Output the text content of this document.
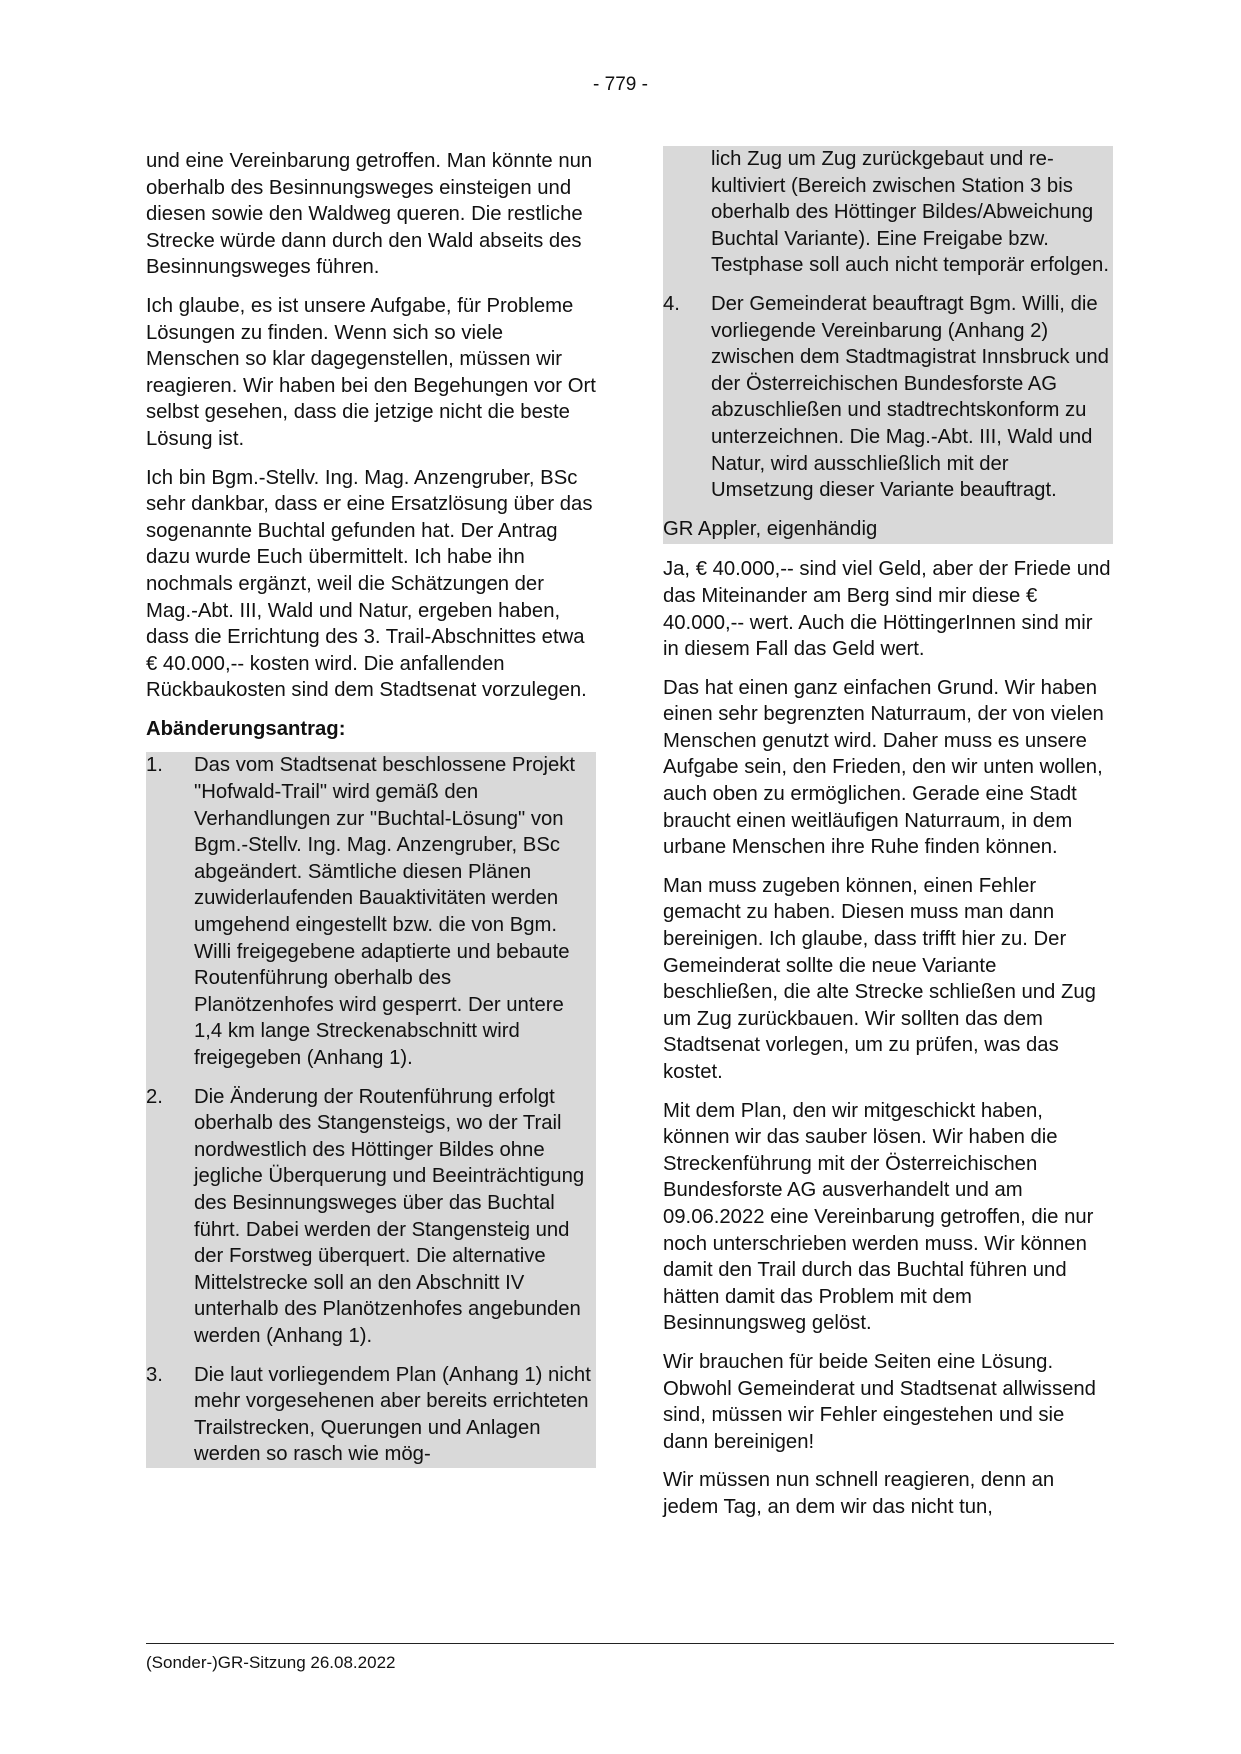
- 779 -

und eine Vereinbarung getroffen. Man könnte nun oberhalb des Besinnungsweges einsteigen und diesen sowie den Waldweg queren. Die restliche Strecke würde dann durch den Wald abseits des Besinnungsweges führen.

Ich glaube, es ist unsere Aufgabe, für Probleme Lösungen zu finden. Wenn sich so viele Menschen so klar dagegenstellen, müssen wir reagieren. Wir haben bei den Begehungen vor Ort selbst gesehen, dass die jetzige nicht die beste Lösung ist.

Ich bin Bgm.-Stellv. Ing. Mag. Anzengruber, BSc sehr dankbar, dass er eine Ersatzlösung über das sogenannte Buchtal gefunden hat. Der Antrag dazu wurde Euch übermittelt. Ich habe ihn nochmals ergänzt, weil die Schätzungen der Mag.-Abt. III, Wald und Natur, ergeben haben, dass die Errichtung des 3. Trail-Abschnittes etwa € 40.000,-- kosten wird. Die anfallenden Rückbaukosten sind dem Stadtsenat vorzulegen.

Abänderungsantrag:

1.	Das vom Stadtsenat beschlossene Projekt "Hofwald-Trail" wird gemäß den Verhandlungen zur "Buchtal-Lösung" von Bgm.-Stellv. Ing. Mag. Anzengruber, BSc abgeändert. Sämtliche diesen Plänen zuwiderlaufenden Bauaktivitäten werden umgehend eingestellt bzw. die von Bgm. Willi freigegebene adaptierte und bebaute Routenführung oberhalb des Planötzenhofes wird gesperrt. Der untere 1,4 km lange Streckenabschnitt wird freigegeben (Anhang 1).
2.	Die Änderung der Routenführung erfolgt oberhalb des Stangensteigs, wo der Trail nordwestlich des Höttinger Bildes ohne jegliche Überquerung und Beeinträchtigung des Besinnungsweges über das Buchtal führt. Dabei werden der Stangensteig und der Forstweg überquert. Die alternative Mittelstrecke soll an den Abschnitt IV unterhalb des Planötzenhofes angebunden werden (Anhang 1).
3.	Die laut vorliegendem Plan (Anhang 1) nicht mehr vorgesehenen aber bereits errichteten Trailstrecken, Querungen und Anlagen werden so rasch wie mög-
lich Zug um Zug zurückgebaut und rekultiviert (Bereich zwischen Station 3 bis oberhalb des Höttinger Bildes/Abweichung Buchtal Variante). Eine Freigabe bzw. Testphase soll auch nicht temporär erfolgen.
4.	Der Gemeinderat beauftragt Bgm. Willi, die vorliegende Vereinbarung (Anhang 2) zwischen dem Stadtmagistrat Innsbruck und der Österreichischen Bundesforste AG abzuschließen und stadtrechtskonform zu unterzeichnen. Die Mag.-Abt. III, Wald und Natur, wird ausschließlich mit der Umsetzung dieser Variante beauftragt.
GR Appler, eigenhändig

Ja, € 40.000,-- sind viel Geld, aber der Friede und das Miteinander am Berg sind mir diese € 40.000,-- wert. Auch die HöttingerInnen sind mir in diesem Fall das Geld wert.

Das hat einen ganz einfachen Grund. Wir haben einen sehr begrenzten Naturraum, der von vielen Menschen genutzt wird. Daher muss es unsere Aufgabe sein, den Frieden, den wir unten wollen, auch oben zu ermöglichen. Gerade eine Stadt braucht einen weitläufigen Naturraum, in dem urbane Menschen ihre Ruhe finden können.

Man muss zugeben können, einen Fehler gemacht zu haben. Diesen muss man dann bereinigen. Ich glaube, dass trifft hier zu. Der Gemeinderat sollte die neue Variante beschließen, die alte Strecke schließen und Zug um Zug zurückbauen. Wir sollten das dem Stadtsenat vorlegen, um zu prüfen, was das kostet.

Mit dem Plan, den wir mitgeschickt haben, können wir das sauber lösen. Wir haben die Streckenführung mit der Österreichischen Bundesforste AG ausverhandelt und am 09.06.2022 eine Vereinbarung getroffen, die nur noch unterschrieben werden muss. Wir können damit den Trail durch das Buchtal führen und hätten damit das Problem mit dem Besinnungsweg gelöst.

Wir brauchen für beide Seiten eine Lösung. Obwohl Gemeinderat und Stadtsenat allwissend sind, müssen wir Fehler eingestehen und sie dann bereinigen!

Wir müssen nun schnell reagieren, denn an jedem Tag, an dem wir das nicht tun,

(Sonder-)GR-Sitzung 26.08.2022
